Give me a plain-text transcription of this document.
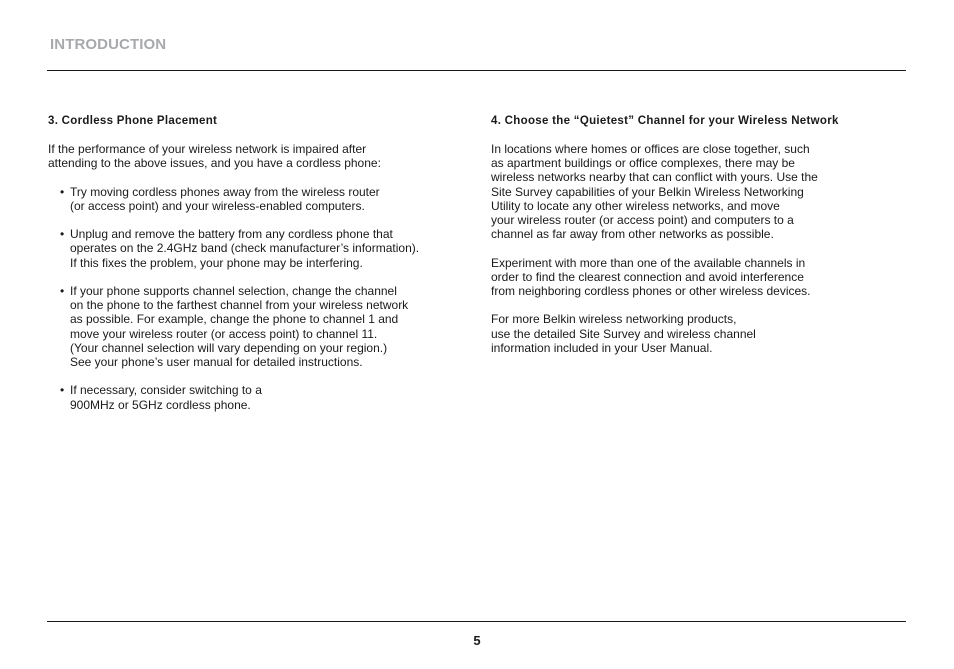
INTRODUCTION
3. Cordless Phone Placement

If the performance of your wireless network is impaired after
attending to the above issues, and you have a cordless phone:

• Try moving cordless phones away from the wireless router
(or access point) and your wireless-enabled computers.
• Unplug and remove the battery from any cordless phone that
operates on the 2.4GHz band (check manufacturer’s information).
If this fixes the problem, your phone may be interfering.
• If your phone supports channel selection, change the channel
on the phone to the farthest channel from your wireless network
as possible. For example, change the phone to channel 1 and
move your wireless router (or access point) to channel 11.
(Your channel selection will vary depending on your region.)
See your phone’s user manual for detailed instructions.
• If necessary, consider switching to a
900MHz or 5GHz cordless phone.
4. Choose the “Quietest” Channel for your Wireless Network

In locations where homes or offices are close together, such
as apartment buildings or office complexes, there may be
wireless networks nearby that can conflict with yours. Use the
Site Survey capabilities of your Belkin Wireless Networking
Utility to locate any other wireless networks, and move
your wireless router (or access point) and computers to a
channel as far away from other networks as possible.

Experiment with more than one of the available channels in
order to find the clearest connection and avoid interference
from neighboring cordless phones or other wireless devices.

For more Belkin wireless networking products,
use the detailed Site Survey and wireless channel
information included in your User Manual.

5
